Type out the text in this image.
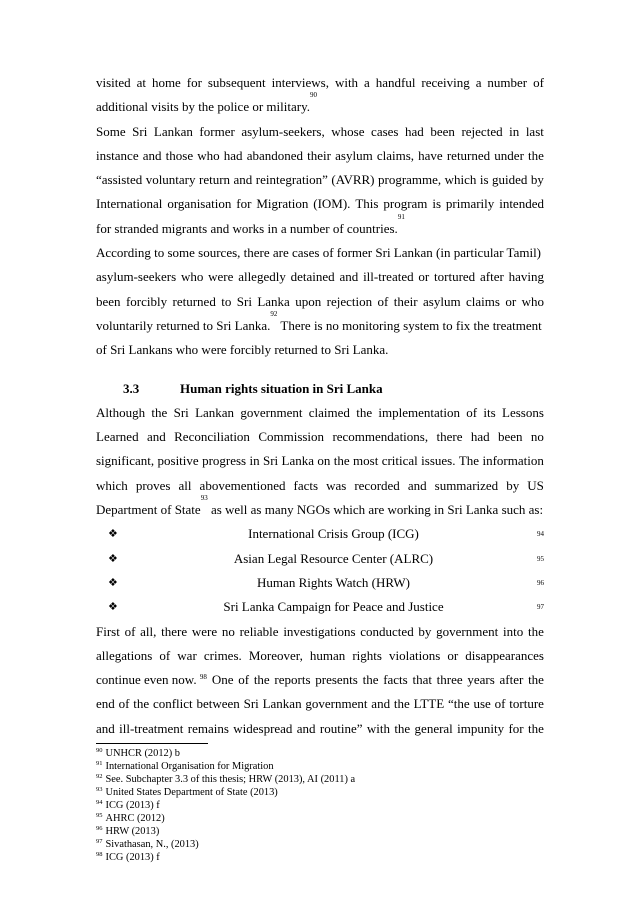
visited at home for subsequent interviews, with a handful receiving a number of
additional visits by the police or military.
90
Some Sri Lankan former asylum-seekers, whose cases had been rejected in last
instance and those who had abandoned their asylum claims, have returned under the
“assisted voluntary return and reintegration” (AVRR) programme, which is guided by
International organisation for Migration (IOM). This program is primarily intended
for stranded migrants and works in a number of countries.
91
According to some sources, there are cases of former Sri Lankan (in particular Tamil)
asylum-seekers who were allegedly detained and ill-treated or tortured after having
been forcibly returned to Sri Lanka upon rejection of their asylum claims or who
voluntarily returned to Sri Lanka.
92
There is no monitoring system to fix the treatment
of Sri Lankans who were forcibly returned to Sri Lanka.
3.3	Human rights situation in Sri Lanka
Although the Sri Lankan government claimed the implementation of its Lessons
Learned and Reconciliation Commission recommendations, there had been no
significant, positive progress in Sri Lanka on the most critical issues. The information
which proves all abovementioned facts was recorded and summarized by US
Department of State
93
as well as many NGOs which are working in Sri Lanka such as:
❖	International Crisis Group (ICG)	94
❖	Asian Legal Resource Center (ALRC)	95
❖	Human Rights Watch (HRW)	96
❖	Sri Lanka Campaign for Peace and Justice	97
First of all, there were no reliable investigations conducted by government into the
allegations of war crimes. Moreover, human rights violations or disappearances
continue even now. $^{98}$ One of the reports presents the facts that three years after the
end of the conflict between Sri Lankan government and the LTTE “the use of torture
and ill-treatment remains widespread and routine” with the general impunity for the
$^{90}$ UNHCR (2012) b
$^{91}$ International Organisation for Migration
$^{92}$ See. Subchapter 3.3 of this thesis; HRW (2013), AI (2011) a
$^{93}$ United States Department of State (2013)
$^{94}$ ICG (2013) f
$^{95}$ AHRC (2012)
$^{96}$ HRW (2013)
$^{97}$ Sivathasan, N., (2013)
$^{98}$ ICG (2013) f
